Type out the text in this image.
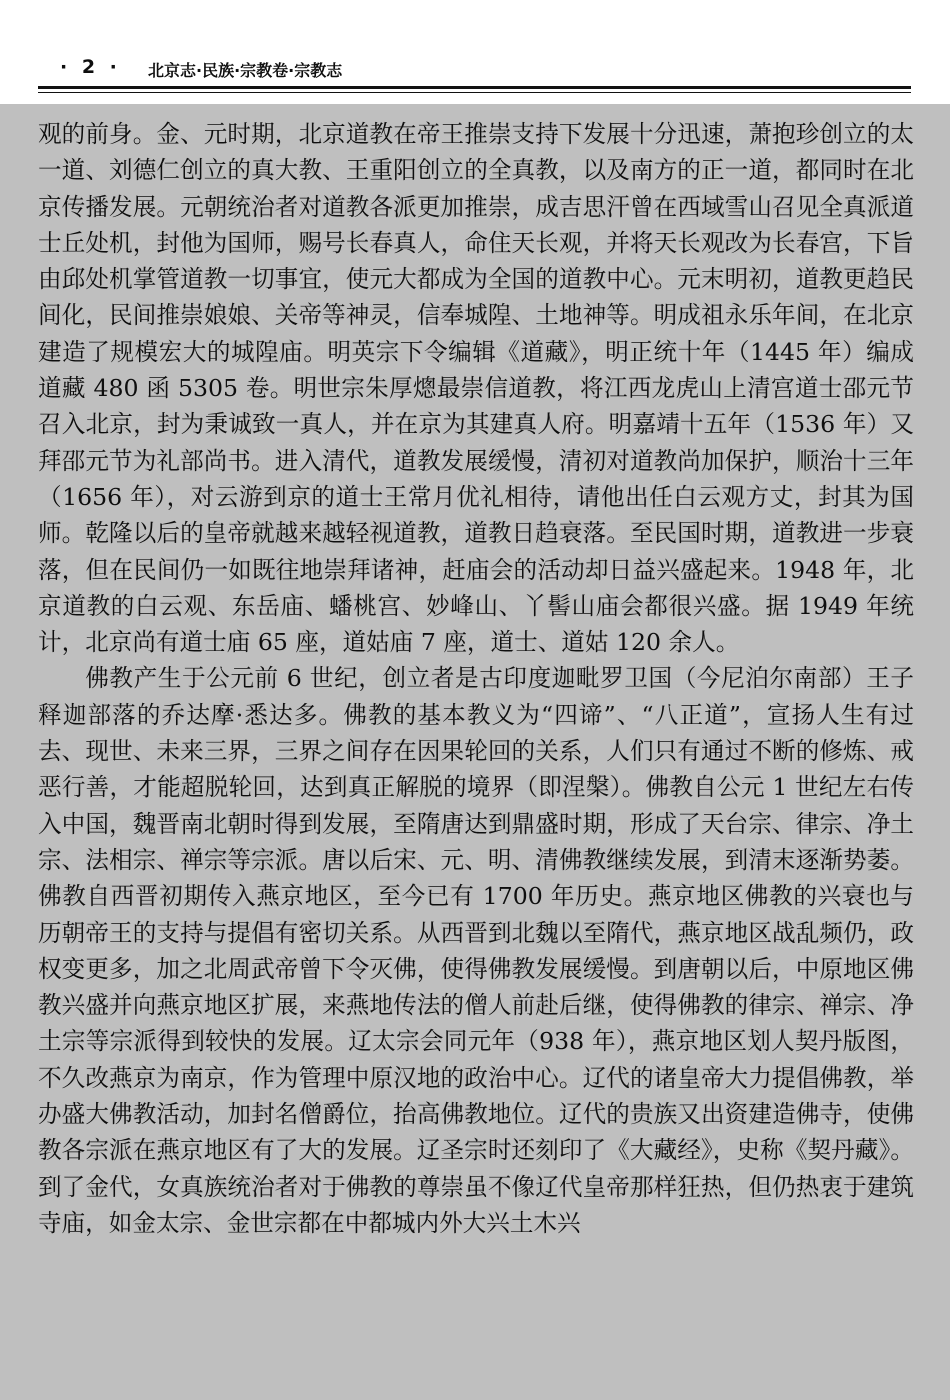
· 2 · 北京志·民族·宗教卷·宗教志

观的前身。金、元时期，北京道教在帝王推崇支持下发展十分迅速，萧抱珍创立的太一道、刘德仁创立的真大教、王重阳创立的全真教，以及南方的正一道，都同时在北京传播发展。元朝统治者对道教各派更加推崇，成吉思汗曾在西域雪山召见全真派道士丘处机，封他为国师，赐号长春真人，命住天长观，并将天长观改为长春宫，下旨由邱处机掌管道教一切事宜，使元大都成为全国的道教中心。元末明初，道教更趋民间化，民间推崇娘娘、关帝等神灵，信奉城隍、土地神等。明成祖永乐年间，在北京建造了规模宏大的城隍庙。明英宗下令编辑《道藏》，明正统十年（1445 年）编成道藏 480 函 5305 卷。明世宗朱厚熜最崇信道教，将江西龙虎山上清宫道士邵元节召入北京，封为秉诚致一真人，并在京为其建真人府。明嘉靖十五年（1536 年）又拜邵元节为礼部尚书。进入清代，道教发展缓慢，清初对道教尚加保护，顺治十三年（1656 年），对云游到京的道士王常月优礼相待，请他出任白云观方丈，封其为国师。乾隆以后的皇帝就越来越轻视道教，道教日趋衰落。至民国时期，道教进一步衰落，但在民间仍一如既往地崇拜诸神，赶庙会的活动却日益兴盛起来。1948 年，北京道教的白云观、东岳庙、蟠桃宫、妙峰山、丫髻山庙会都很兴盛。据 1949 年统计，北京尚有道士庙 65 座，道姑庙 7 座，道士、道姑 120 余人。

佛教产生于公元前 6 世纪，创立者是古印度迦毗罗卫国（今尼泊尔南部）王子释迦部落的乔达摩·悉达多。佛教的基本教义为“四谛”、“八正道”，宣扬人生有过去、现世、未来三界，三界之间存在因果轮回的关系，人们只有通过不断的修炼、戒恶行善，才能超脱轮回，达到真正解脱的境界（即涅槃）。佛教自公元 1 世纪左右传入中国，魏晋南北朝时得到发展，至隋唐达到鼎盛时期，形成了天台宗、律宗、净土宗、法相宗、禅宗等宗派。唐以后宋、元、明、清佛教继续发展，到清末逐渐势萎。佛教自西晋初期传入燕京地区，至今已有 1700 年历史。燕京地区佛教的兴衰也与历朝帝王的支持与提倡有密切关系。从西晋到北魏以至隋代，燕京地区战乱频仍，政权变更多，加之北周武帝曾下令灭佛，使得佛教发展缓慢。到唐朝以后，中原地区佛教兴盛并向燕京地区扩展，来燕地传法的僧人前赴后继，使得佛教的律宗、禅宗、净土宗等宗派得到较快的发展。辽太宗会同元年（938 年），燕京地区划人契丹版图，不久改燕京为南京，作为管理中原汉地的政治中心。辽代的诸皇帝大力提倡佛教，举办盛大佛教活动，加封名僧爵位，抬高佛教地位。辽代的贵族又出资建造佛寺，使佛教各宗派在燕京地区有了大的发展。辽圣宗时还刻印了《大藏经》，史称《契丹藏》。到了金代，女真族统治者对于佛教的尊崇虽不像辽代皇帝那样狂热，但仍热衷于建筑寺庙，如金太宗、金世宗都在中都城内外大兴土木兴
